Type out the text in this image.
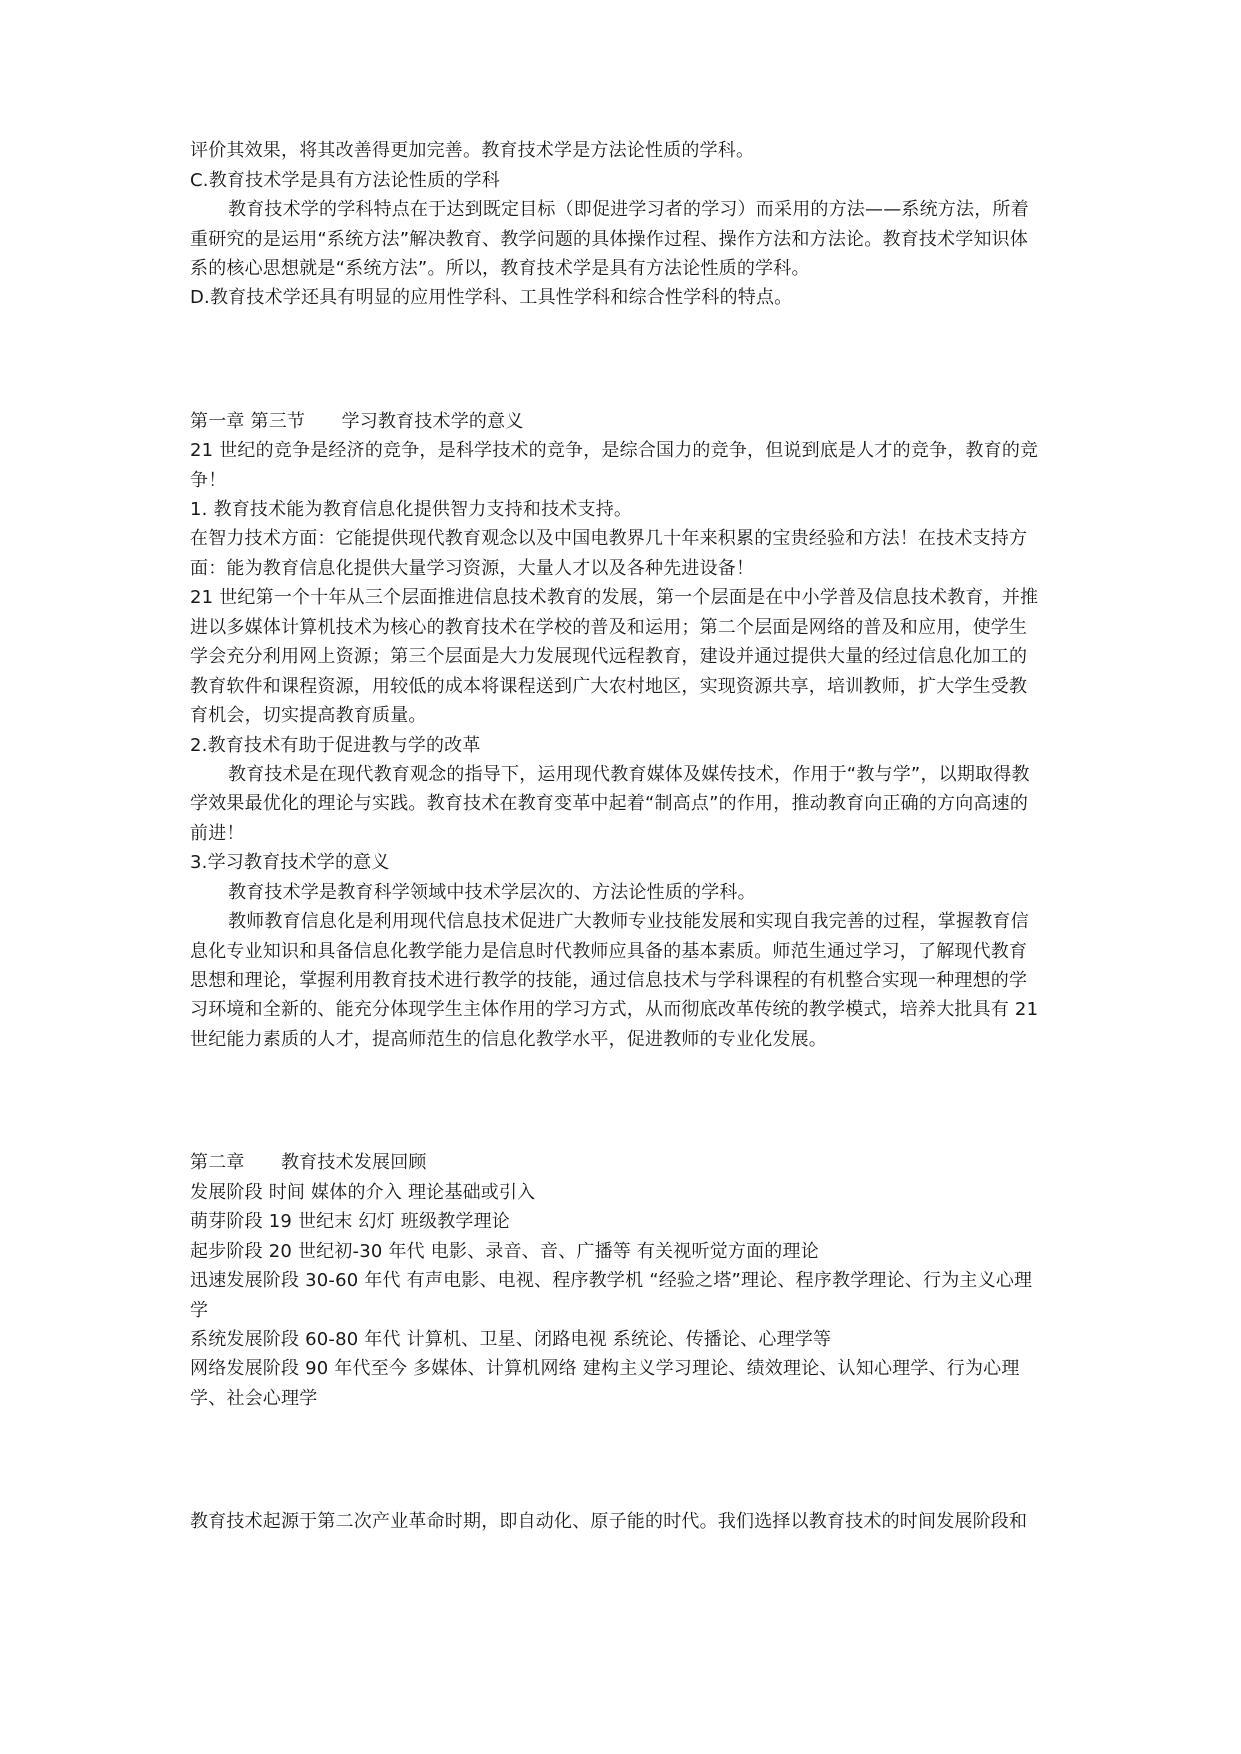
评价其效果，将其改善得更加完善。教育技术学是方法论性质的学科。
C.教育技术学是具有方法论性质的学科
教育技术学的学科特点在于达到既定目标（即促进学习者的学习）而采用的方法——系统方法，所着
重研究的是运用“系统方法”解决教育、教学问题的具体操作过程、操作方法和方法论。教育技术学知识体
系的核心思想就是“系统方法”。所以，教育技术学是具有方法论性质的学科。
D.教育技术学还具有明显的应用性学科、工具性学科和综合性学科的特点。
第一章 第三节　　学习教育技术学的意义
21 世纪的竞争是经济的竞争，是科学技术的竞争，是综合国力的竞争，但说到底是人才的竞争，教育的竞
争！
1. 教育技术能为教育信息化提供智力支持和技术支持。
在智力技术方面：它能提供现代教育观念以及中国电教界几十年来积累的宝贵经验和方法！在技术支持方
面：能为教育信息化提供大量学习资源，大量人才以及各种先进设备！
21 世纪第一个十年从三个层面推进信息技术教育的发展，第一个层面是在中小学普及信息技术教育，并推
进以多媒体计算机技术为核心的教育技术在学校的普及和运用；第二个层面是网络的普及和应用，使学生
学会充分利用网上资源；第三个层面是大力发展现代远程教育，建设并通过提供大量的经过信息化加工的
教育软件和课程资源，用较低的成本将课程送到广大农村地区，实现资源共享，培训教师，扩大学生受教
育机会，切实提高教育质量。
2.教育技术有助于促进教与学的改革
教育技术是在现代教育观念的指导下，运用现代教育媒体及媒传技术，作用于“教与学”，以期取得教
学效果最优化的理论与实践。教育技术在教育变革中起着“制高点”的作用，推动教育向正确的方向高速的
前进！
3.学习教育技术学的意义
教育技术学是教育科学领域中技术学层次的、方法论性质的学科。
教师教育信息化是利用现代信息技术促进广大教师专业技能发展和实现自我完善的过程，掌握教育信
息化专业知识和具备信息化教学能力是信息时代教师应具备的基本素质。师范生通过学习，了解现代教育
思想和理论，掌握利用教育技术进行教学的技能，通过信息技术与学科课程的有机整合实现一种理想的学
习环境和全新的、能充分体现学生主体作用的学习方式，从而彻底改革传统的教学模式，培养大批具有 21
世纪能力素质的人才，提高师范生的信息化教学水平，促进教师的专业化发展。
第二章　　教育技术发展回顾
发展阶段 时间 媒体的介入 理论基础或引入
萌芽阶段 19 世纪末 幻灯 班级教学理论
起步阶段 20 世纪初-30 年代 电影、录音、音、广播等 有关视听觉方面的理论
迅速发展阶段 30-60 年代 有声电影、电视、程序教学机 “经验之塔”理论、程序教学理论、行为主义心理
学
系统发展阶段 60-80 年代 计算机、卫星、闭路电视 系统论、传播论、心理学等
网络发展阶段 90 年代至今 多媒体、计算机网络 建构主义学习理论、绩效理论、认知心理学、行为心理
学、社会心理学
教育技术起源于第二次产业革命时期，即自动化、原子能的时代。我们选择以教育技术的时间发展阶段和
